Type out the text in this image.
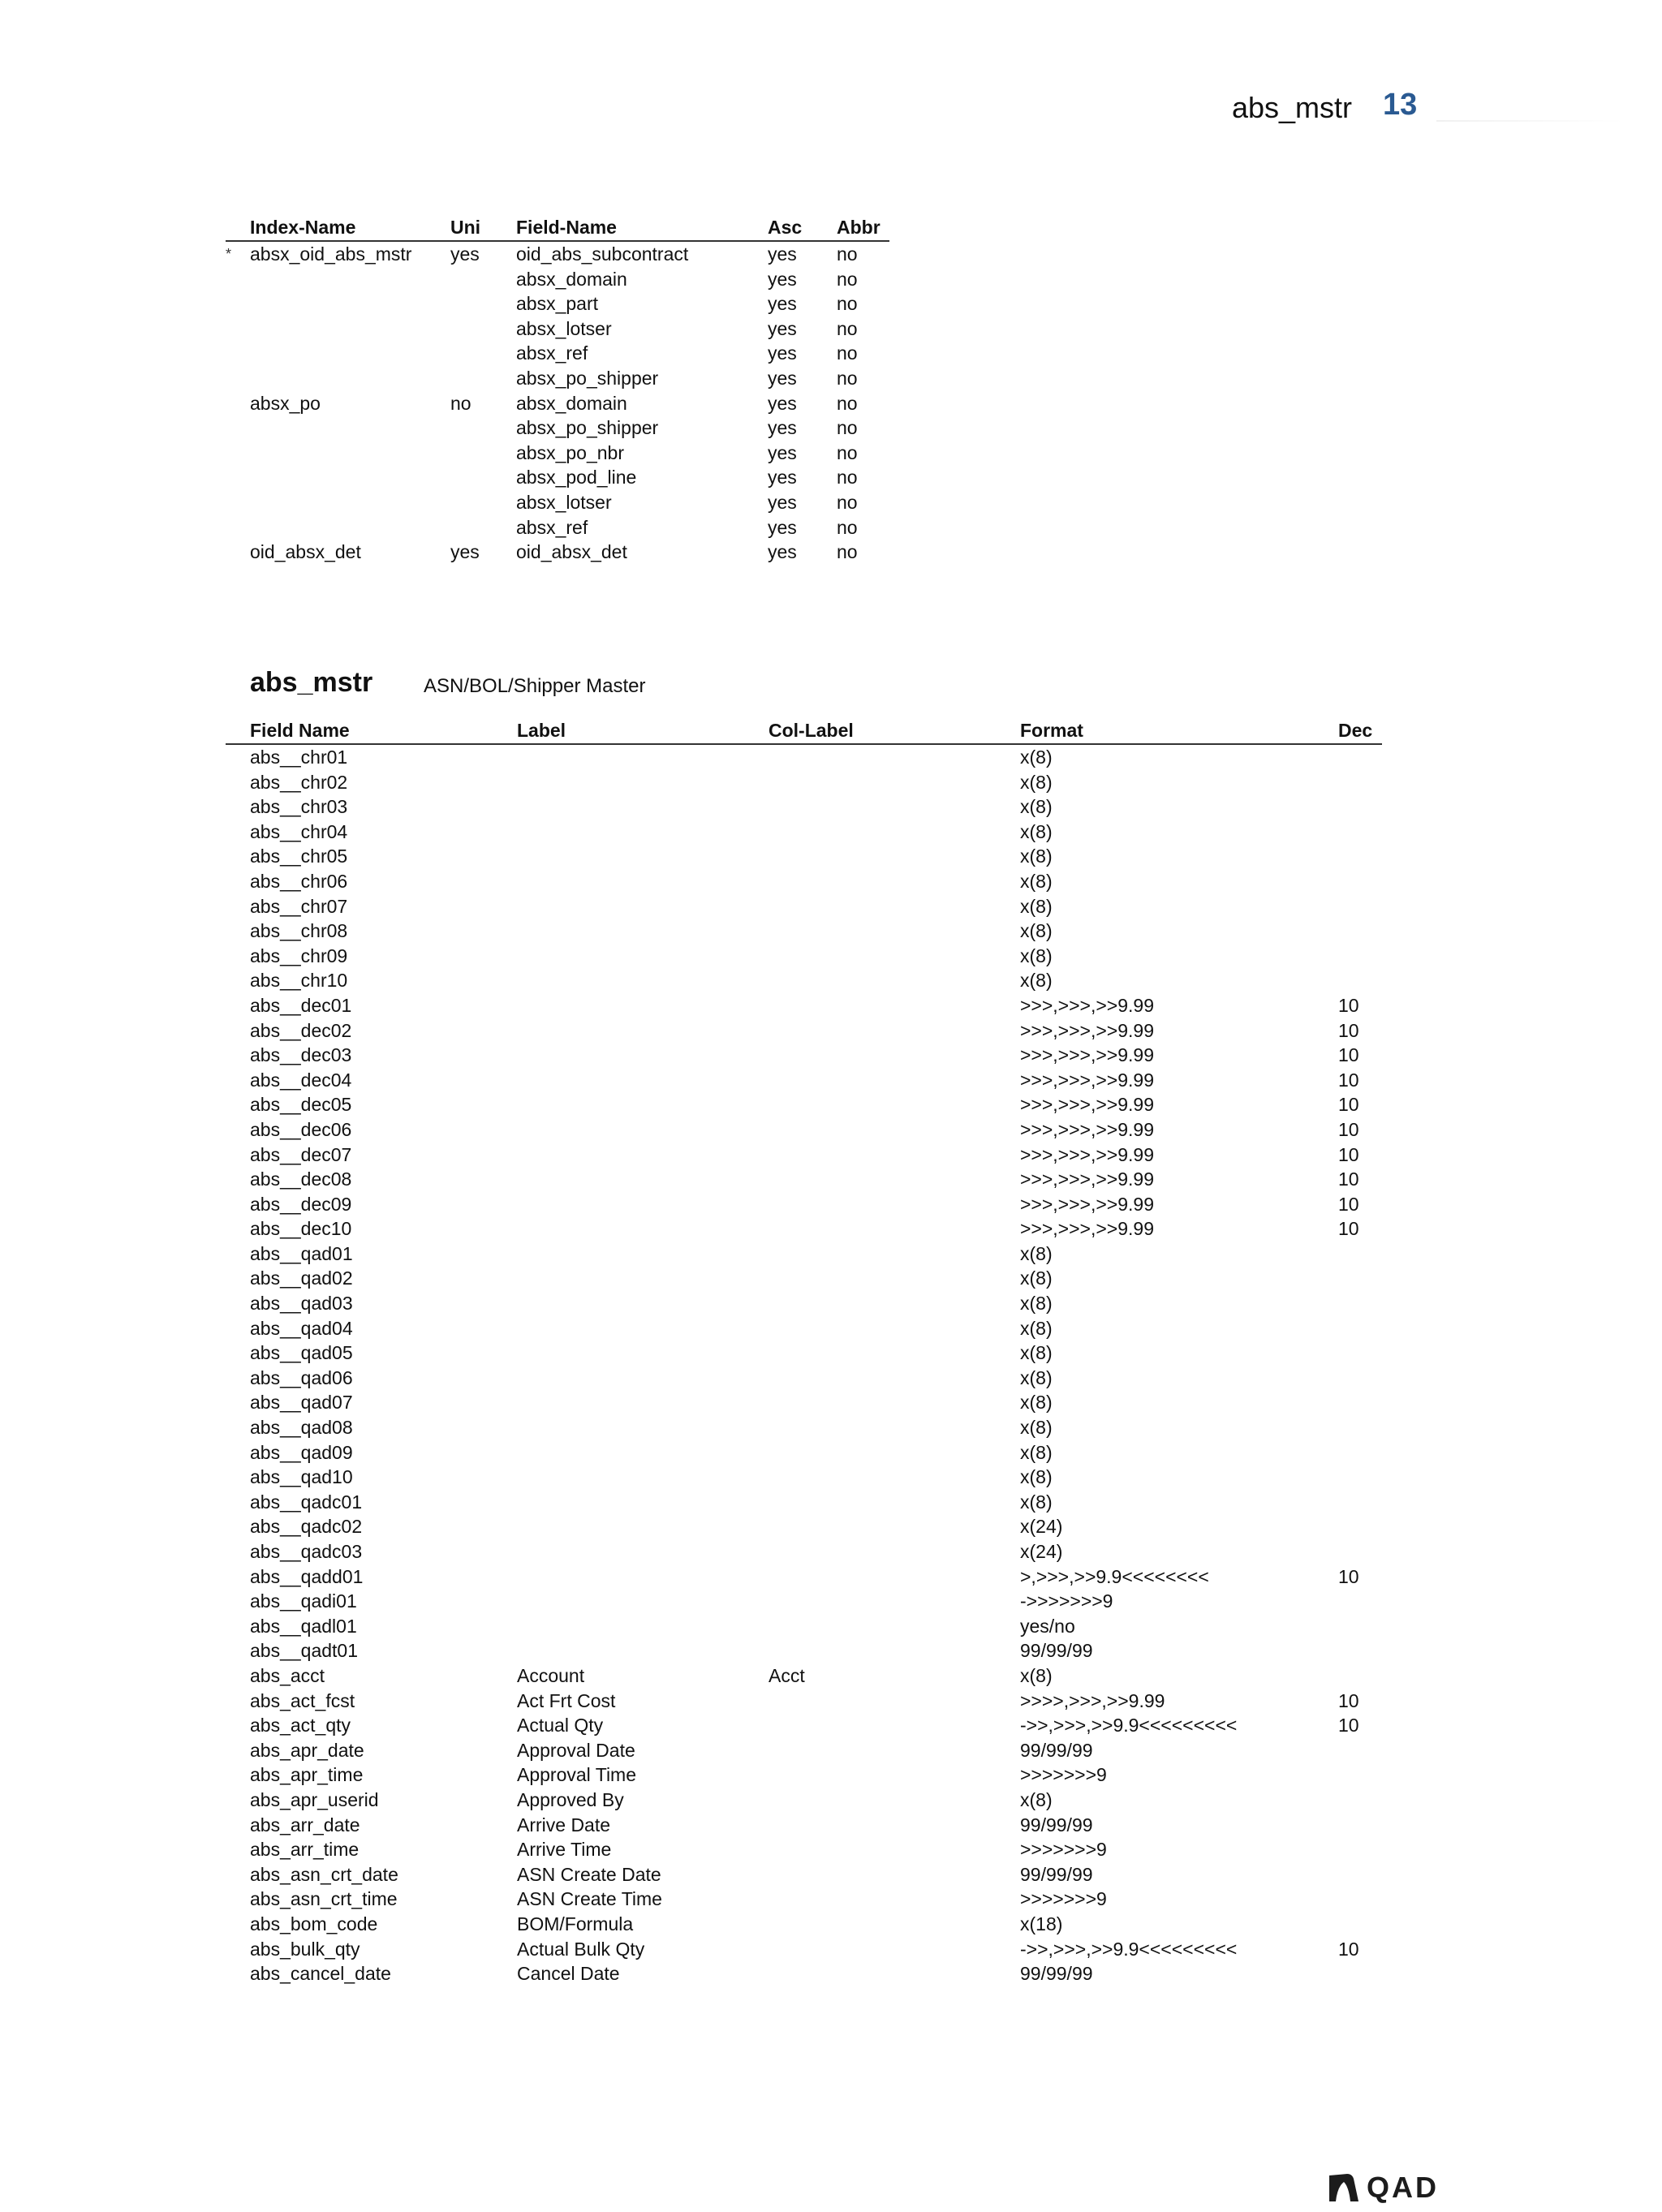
abs_mstr 13
	Index-Name	Uni	Field-Name	Asc	Abbr
*	absx_oid_abs_mstr	yes	oid_abs_subcontract	yes	no
			absx_domain	yes	no
			absx_part	yes	no
			absx_lotser	yes	no
			absx_ref	yes	no
			absx_po_shipper	yes	no
	absx_po	no	absx_domain	yes	no
			absx_po_shipper	yes	no
			absx_po_nbr	yes	no
			absx_pod_line	yes	no
			absx_lotser	yes	no
			absx_ref	yes	no
	oid_absx_det	yes	oid_absx_det	yes	no
abs_mstr	ASN/BOL/Shipper Master
	Field Name	Label	Col-Label	Format	Dec
	abs__chr01			x(8)	
	abs__chr02			x(8)	
	abs__chr03			x(8)	
	abs__chr04			x(8)	
	abs__chr05			x(8)	
	abs__chr06			x(8)	
	abs__chr07			x(8)	
	abs__chr08			x(8)	
	abs__chr09			x(8)	
	abs__chr10			x(8)	
	abs__dec01			>>>,>>>,>>9.99	10
	abs__dec02			>>>,>>>,>>9.99	10
	abs__dec03			>>>,>>>,>>9.99	10
	abs__dec04			>>>,>>>,>>9.99	10
	abs__dec05			>>>,>>>,>>9.99	10
	abs__dec06			>>>,>>>,>>9.99	10
	abs__dec07			>>>,>>>,>>9.99	10
	abs__dec08			>>>,>>>,>>9.99	10
	abs__dec09			>>>,>>>,>>9.99	10
	abs__dec10			>>>,>>>,>>9.99	10
	abs__qad01			x(8)	
	abs__qad02			x(8)	
	abs__qad03			x(8)	
	abs__qad04			x(8)	
	abs__qad05			x(8)	
	abs__qad06			x(8)	
	abs__qad07			x(8)	
	abs__qad08			x(8)	
	abs__qad09			x(8)	
	abs__qad10			x(8)	
	abs__qadc01			x(8)	
	abs__qadc02			x(24)	
	abs__qadc03			x(24)	
	abs__qadd01			>,>>>,>>9.9<<<<<<<<	10
	abs__qadi01			->>>>>>>9	
	abs__qadl01			yes/no	
	abs__qadt01			99/99/99	
	abs_acct	Account	Acct	x(8)	
	abs_act_fcst	Act Frt Cost		>>>>,>>>,>>9.99	10
	abs_act_qty	Actual Qty		->>,>>>,>>9.9<<<<<<<<<	10
	abs_apr_date	Approval Date		99/99/99	
	abs_apr_time	Approval Time		>>>>>>>9	
	abs_apr_userid	Approved By		x(8)	
	abs_arr_date	Arrive Date		99/99/99	
	abs_arr_time	Arrive Time		>>>>>>>9	
	abs_asn_crt_date	ASN Create Date		99/99/99	
	abs_asn_crt_time	ASN Create Time		>>>>>>>9	
	abs_bom_code	BOM/Formula		x(18)	
	abs_bulk_qty	Actual Bulk Qty		->>,>>>,>>9.9<<<<<<<<<	10
	abs_cancel_date	Cancel Date		99/99/99	
QAD
